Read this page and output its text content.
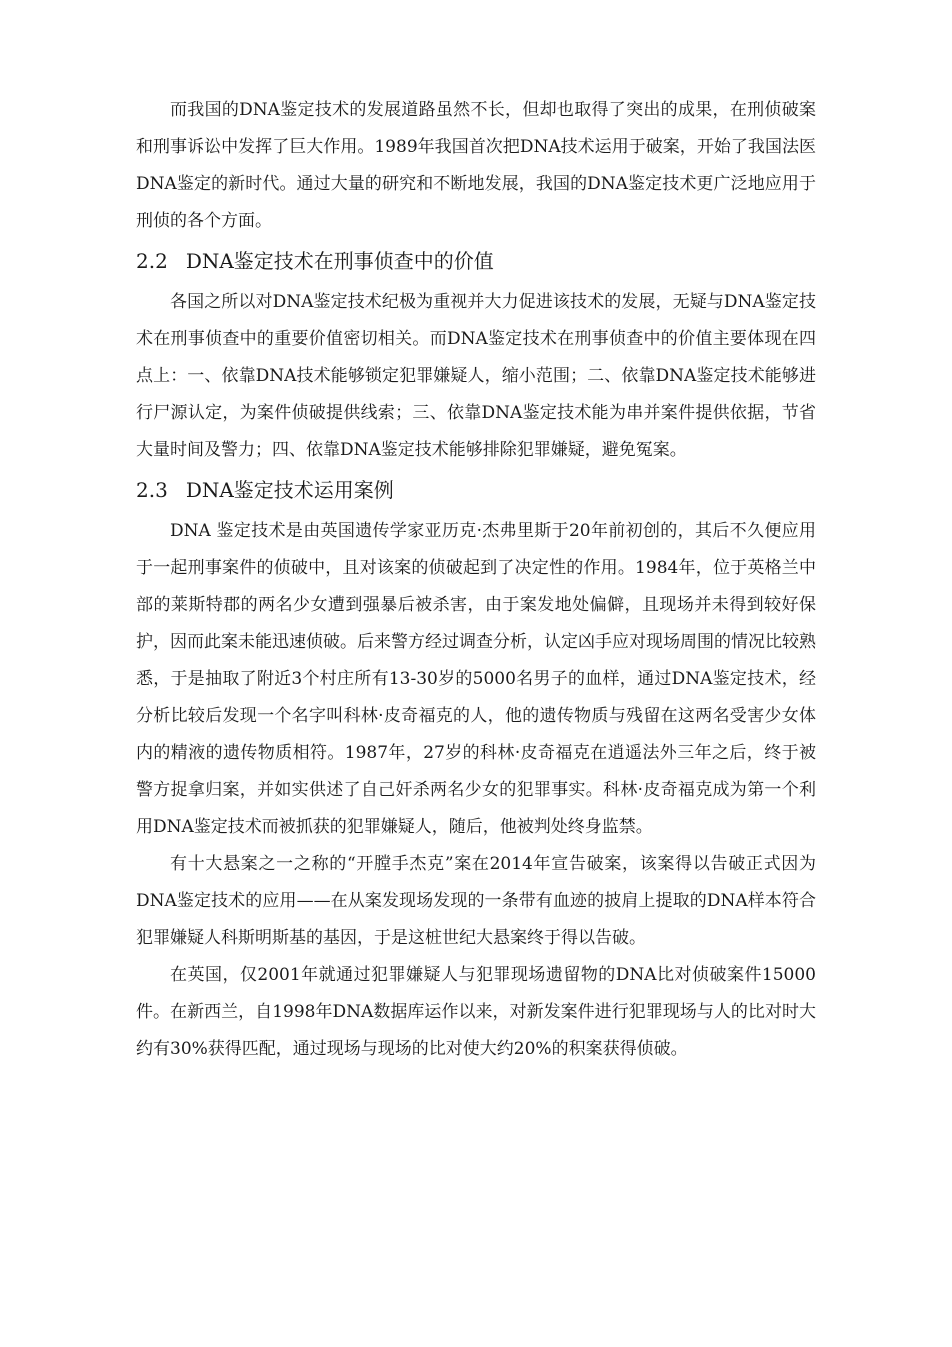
而我国的DNA鉴定技术的发展道路虽然不长，但却也取得了突出的成果，在刑侦破案和刑事诉讼中发挥了巨大作用。1989年我国首次把DNA技术运用于破案，开始了我国法医DNA鉴定的新时代。通过大量的研究和不断地发展，我国的DNA鉴定技术更广泛地应用于刑侦的各个方面。

2.2 DNA鉴定技术在刑事侦查中的价值

各国之所以对DNA鉴定技术纪极为重视并大力促进该技术的发展，无疑与DNA鉴定技术在刑事侦查中的重要价值密切相关。而DNA鉴定技术在刑事侦查中的价值主要体现在四点上：一、依靠DNA技术能够锁定犯罪嫌疑人，缩小范围；二、依靠DNA鉴定技术能够进行尸源认定，为案件侦破提供线索；三、依靠DNA鉴定技术能为串并案件提供依据，节省大量时间及警力；四、依靠DNA鉴定技术能够排除犯罪嫌疑，避免冤案。

2.3 DNA鉴定技术运用案例

DNA 鉴定技术是由英国遗传学家亚历克·杰弗里斯于20年前初创的，其后不久便应用于一起刑事案件的侦破中，且对该案的侦破起到了决定性的作用。1984年，位于英格兰中部的莱斯特郡的两名少女遭到强暴后被杀害，由于案发地处偏僻，且现场并未得到较好保护，因而此案未能迅速侦破。后来警方经过调查分析，认定凶手应对现场周围的情况比较熟悉，于是抽取了附近3个村庄所有13-30岁的5000名男子的血样，通过DNA鉴定技术，经分析比较后发现一个名字叫科林·皮奇福克的人，他的遗传物质与残留在这两名受害少女体内的精液的遗传物质相符。1987年，27岁的科林·皮奇福克在逍遥法外三年之后，终于被警方捉拿归案，并如实供述了自己奸杀两名少女的犯罪事实。科林·皮奇福克成为第一个利用DNA鉴定技术而被抓获的犯罪嫌疑人，随后，他被判处终身监禁。

有十大悬案之一之称的“开膛手杰克”案在2014年宣告破案，该案得以告破正式因为DNA鉴定技术的应用——在从案发现场发现的一条带有血迹的披肩上提取的DNA样本符合犯罪嫌疑人科斯明斯基的基因，于是这桩世纪大悬案终于得以告破。

在英国，仅2001年就通过犯罪嫌疑人与犯罪现场遗留物的DNA比对侦破案件15000件。在新西兰，自1998年DNA数据库运作以来，对新发案件进行犯罪现场与人的比对时大约有30%获得匹配，通过现场与现场的比对使大约20%的积案获得侦破。
